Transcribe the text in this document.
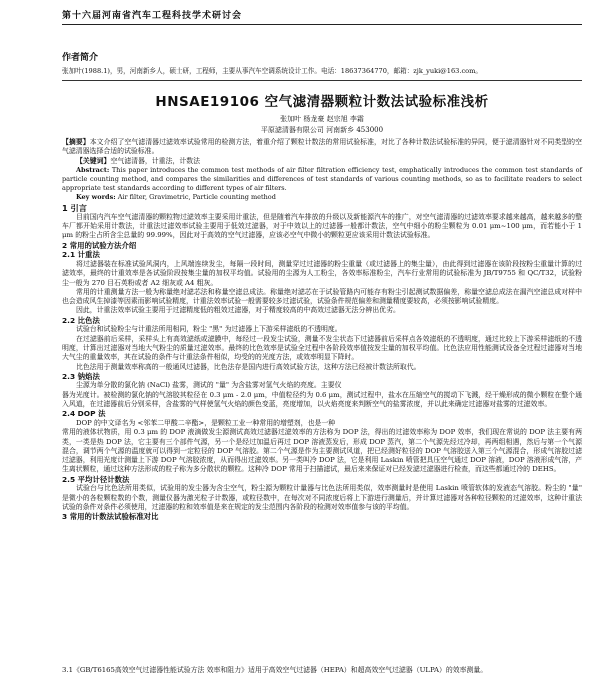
第十六届河南省汽车工程科技学术研讨会
作者简介
张加叶(1988.1)，男，河南新乡人，硕士研，工程师，主要从事汽车空调系统设计工作。电话：18637364770，邮箱：zjk_yuki@163.com。
HNSAE19106 空气滤清器颗粒计数法试验标准浅析
张加叶 杨龙豪 赵宗旭 李霜
平原滤清器有限公司 河南新乡 453000

【摘要】本文介绍了空气滤清器过滤效率试验常用的检测方法，着重介绍了颗粒计数法的常用试验标准，对比了各种计数法试验标准的异同，便于滤清器针对不同类型的空气滤清器选择合适的试验标准。

【关键词】空气滤清器，计重法，计数法

Abstract: This paper introduces the common test methods of air filter filtration efficiency test, emphatically introduces the common test standards of particle counting method, and compares the similarities and differences of test standards of various counting methods, so as to facilitate readers to select appropriate test standards according to different types of air filters.

Key words: Air filter, Gravimetric, Particle counting method

1 引言

目前国内汽车空气滤清器的颗粒物过滤效率主要采用计重法，但是随着汽车排放的升级以及新能源汽车的推广，对空气滤清器的过滤效率要求越来越高，越来越多的整车厂都开始采用计数法，计重法过滤效率试验主要用于低效过滤器，对于中效以上的过滤器一般都计数法，空气中细小的粉尘颗粒为 0.01 μm~100 μm，而若能小于 1 μm 的粉尘占所含尘总量的 99.99%，因此对于高效的空气过滤器，应该必空气中微小的颗粒更应该采用计数法试验标准。

2 常用的试验方法介绍
2.1 计重法

将过滤器装在标准试验风洞内，上风端连续发尘，每隔一段时间，测量穿过过滤器的粉尘重量（或过滤器上的集尘量），由此得到过滤器在该阶段按粉尘重量计算的过滤效率，最终的计重效率是各试验阶段按集尘量的加权平均值。试验用的尘源为人工粉尘，各效率标准粉尘，汽车行业常用的试验标准为 JB/T9755 和 QC/T32，试验粉尘一般为 270 目石英粉或者 A2 细灰或 A4 粗灰。

常用的计重测量方法一般为称量绝对滤芯法和称量空滤总成法。称量绝对滤芯在于试验管路内可能存有粉尘引起测试数据偏差，称量空滤总成法在漏汽空滤总成对样中也会造成风生掉漆等因素而影响试验精度，计重法效率试验一般需要较多过滤试验，试验条件规范偏差和测量精度要较高，必须按影响试验精度。

因此，计重法效率试验主要用于过滤精度低的粗效过滤器，对于精度较高的中高效过滤器无法分辨出优劣。

2.2 比色法

试验台和试验粉尘与计重法所用相同，粉尘 "黑" 为过滤器上下游采样滤纸的不透明度。

在过滤器前后采样，采样头上有高效滤纸或滤膜中，每经过一段发尘试验，测量不发尘状态下过滤器前后采样点各效滤纸的不透明度，通过比较上下游采样滤纸的不透明度，计算出过滤器对当地大气粉尘的质量过滤效率。最终的比色效率是试验全过程中各阶段效率值按发尘量的加权平均值。比色法应用性能测试设备全过程过滤器对当地大气尘的重量效率，其在试验的条件与计重法条件相似，均受的的光度方法，或效率明显下降时。

比色法用于测量效率称高的一般通风过滤器，比色法存是国内进行高效试验方法，这种方法已经被计数法所取代。

2.3 钠焰法

尘源为单分散的氯化钠 (NaCl) 盐雾，测试的 "量" 为含盐雾对氢气火焰的亮度。主要仪

器为光度计。被检测的氯化钠的气溶胶其粒径在 0.3 μm - 2.0 μm，中值粒径约为 0.6 μm，测试过程中，盐水在压缩空气的搅动下飞溅，经干燥形成的微小颗粒在整个通入风道，在过滤器前后分别采样，含盐雾的气样使氢气火焰的颜色变蓝，亮度增加，以火焰亮度来判断空气的盐雾浓度，并以此来确定过滤器对盐雾的过滤效率。

2.4 DOP 法

DOP 的中文译名为 <邻苯二甲酸二辛酯>，是颗粒工业一种常用的增塑剂，也是一种

常用的液体状物质，用 0.3 μm 的 DOP 液滴做发尘源测试高效过滤器过滤效率的方法称为 DOP 法，得出的过滤效率称为 DOP 效率，我们现在常说的 DOP 法主要有两类，一类是热 DOP 法，它主要有三个部件气源，另一个是经过加温后再过 DOP 溶液蒸发后，形成 DOP 蒸汽，第二个气源先经过冷却，再两组相遇，然后与第一个气源混合，调节两个气源的温度就可以得到一定粒径的 DOP 气溶胶。第二个气源是作为主要测试风道，把已经测好粒径的 DOP 气溶胶送入第三个气源混合，形成气溶胶过滤过滤器，利用光度计测量上下游 DOP 气溶胶浓度，从而得出过滤效率。另一类叫冷 DOP 法，它是利用 Laskin 喷管把具压空气通过 DOP 溶液，DOP 溶液形成气溶，产生离状颗粒，通过这种方法形成的粒子称为多分散状的颗粒。这种冷 DOP 常用于扫描滤试，最后来来保证对已经发滤过滤器进行检查，而这些都通过冷的 DEHS。

2.5 平均计径计数法

试验台与比色法所用类似，试验用的发尘器为含尘空气，粉尘源为颗粒计量器与比色法所用类似，效率测量时是使用 Laskin 喷管软体的发液态气溶胶。粉尘的 "量" 是微小的各粒颗粒数的个数，测量仪器为激光粒子计数器，或粒径数中，在每次对不同浓度后将上下游进行测量后，并计算过滤器对各种粒径颗粒的过滤效率，这种计重法试验的条件对条件必须使用，过滤器的粒和效率值是来在规定的发尘范围内各阶段的检测对效率值参与该的平均值。

3 常用的计数法试验标准对比
3.1《GB/T6165高效空气过滤器性能试验方法 效率和阻力》适用于高效空气过滤器（HEPA）和超高效空气过滤器（ULPA）的效率测量。
